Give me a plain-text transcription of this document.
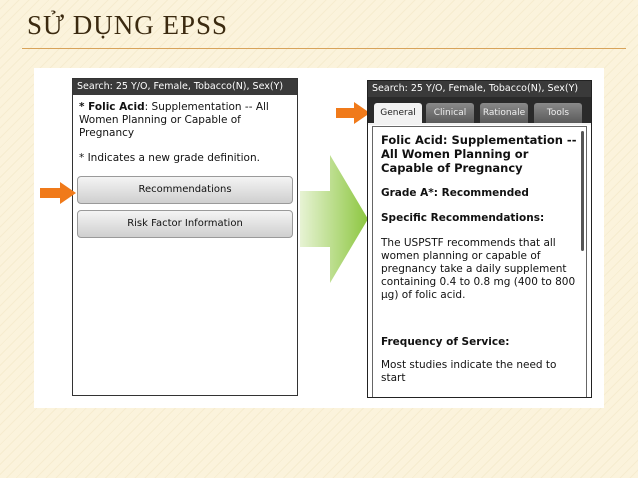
SỬ DỤNG EPSS
Search: 25 Y/O, Female, Tobacco(N), Sex(Y)
* Folic Acid: Supplementation -- All Women Planning or Capable of Pregnancy
* Indicates a new grade definition.
Recommendations
Risk Factor Information
Search: 25 Y/O, Female, Tobacco(N), Sex(Y)
General	Clinical	Rationale	Tools

Folic Acid: Supplementation -- All Women Planning or Capable of Pregnancy

Grade A*: Recommended

Specific Recommendations:

The USPSTF recommends that all women planning or capable of pregnancy take a daily supplement containing 0.4 to 0.8 mg (400 to 800 µg) of folic acid.

Frequency of Service:

Most studies indicate the need to start
